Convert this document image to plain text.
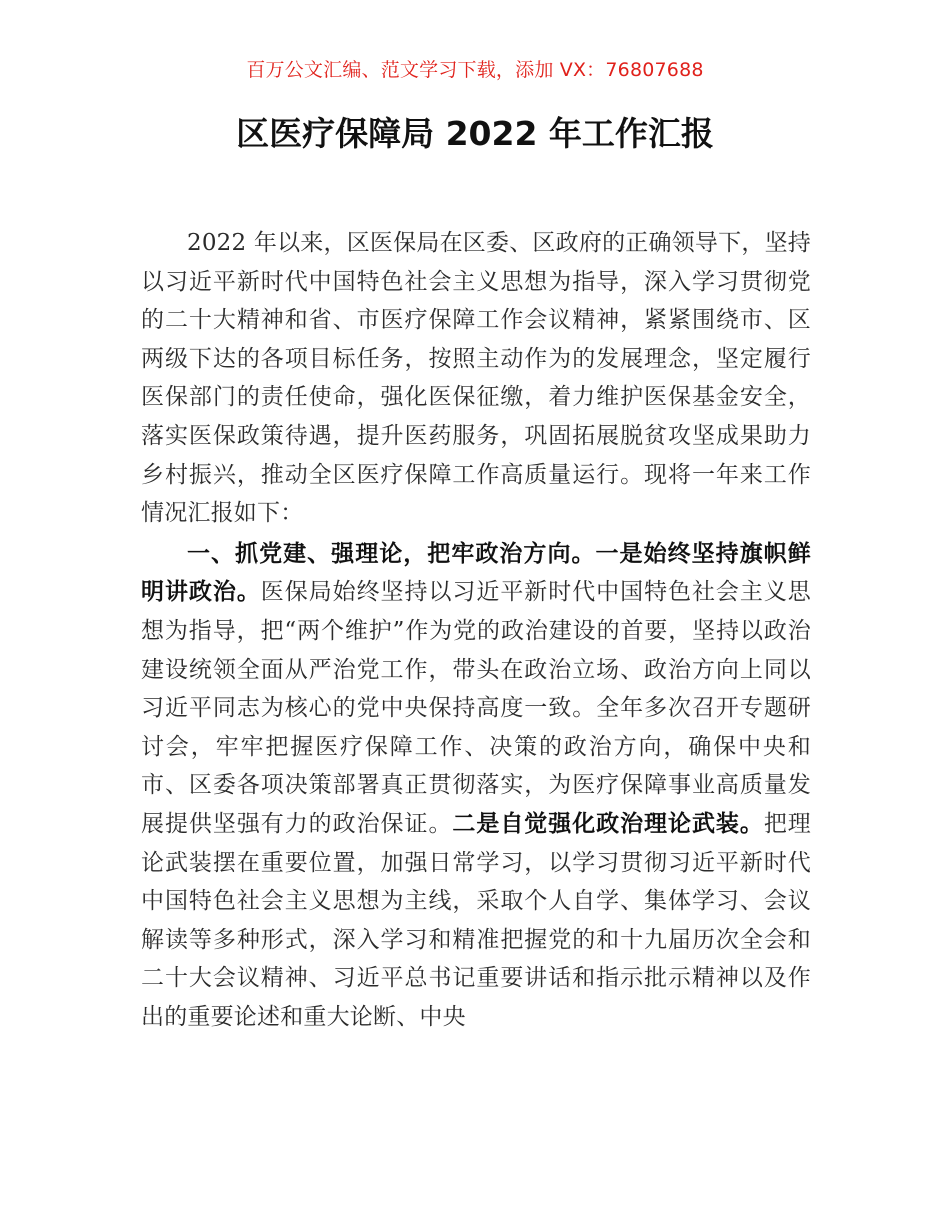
百万公文汇编、范文学习下载，添加 VX：76807688
区医疗保障局 2022 年工作汇报

2022 年以来，区医保局在区委、区政府的正确领导下，坚持以习近平新时代中国特色社会主义思想为指导，深入学习贯彻党的二十大精神和省、市医疗保障工作会议精神，紧紧围绕市、区两级下达的各项目标任务，按照主动作为的发展理念，坚定履行医保部门的责任使命，强化医保征缴，着力维护医保基金安全，落实医保政策待遇，提升医药服务，巩固拓展脱贫攻坚成果助力乡村振兴，推动全区医疗保障工作高质量运行。现将一年来工作情况汇报如下：

一、抓党建、强理论，把牢政治方向。一是始终坚持旗帜鲜明讲政治。医保局始终坚持以习近平新时代中国特色社会主义思想为指导，把“两个维护”作为党的政治建设的首要，坚持以政治建设统领全面从严治党工作，带头在政治立场、政治方向上同以习近平同志为核心的党中央保持高度一致。全年多次召开专题研讨会，牢牢把握医疗保障工作、决策的政治方向，确保中央和市、区委各项决策部署真正贯彻落实，为医疗保障事业高质量发展提供坚强有力的政治保证。二是自觉强化政治理论武装。把理论武装摆在重要位置，加强日常学习，以学习贯彻习近平新时代中国特色社会主义思想为主线，采取个人自学、集体学习、会议解读等多种形式，深入学习和精准把握党的和十九届历次全会和二十大会议精神、习近平总书记重要讲话和指示批示精神以及作出的重要论述和重大论断、中央
